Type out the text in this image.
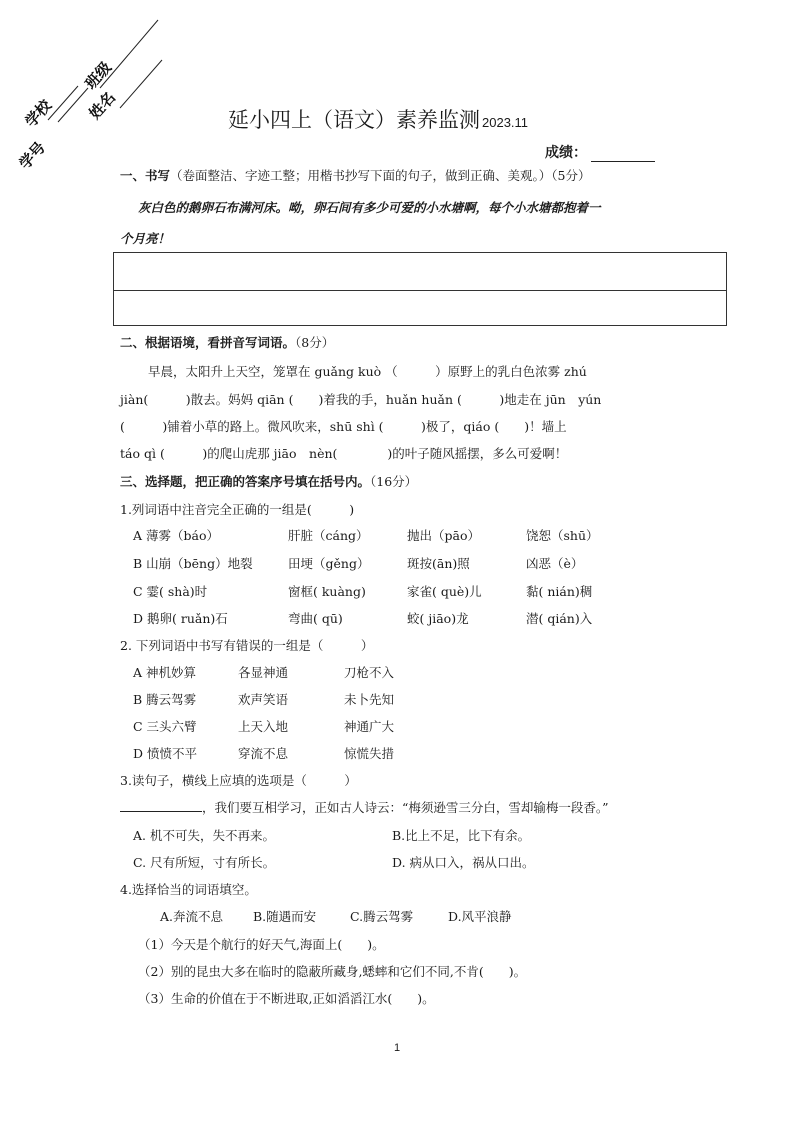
学校
班级
学号
姓名	延小四上（语文）素养监测 2023.11
成绩：
一、书写（卷面整洁、字迹工整；用楷书抄写下面的句子，做到正确、美观。）（5分）
灰白色的鹅卵石布满河床。呦，卵石间有多少可爱的小水塘啊，每个小水塘都抱着一
个月亮！
二、根据语境，看拼音写词语。（8分）
早晨，太阳升上天空，笼罩在 guǎng kuò （　　　）原野上的乳白色浓雾 zhú
jiàn(　　　)散去。妈妈 qiān (　　)着我的手，huǎn huǎn (　　　)地走在 jūn　yún
(　　　)铺着小草的路上。微风吹来，shū shì (　　　)极了，qiáo (　　)！墙上
táo qì (　　　)的爬山虎那 jiāo　nèn(　　　　)的叶子随风摇摆，多么可爱啊！
三、选择题，把正确的答案序号填在括号内。（16分）
1.列词语中注音完全正确的一组是(　　　)
A 薄雾（báo）	肝脏（cáng）	抛出（pāo）	饶恕（shū）
B 山崩（bēng）地裂	田埂（gěng）	斑按(ān)照	凶恶（è）
C 霎( shà)时	窗框( kuàng)	家雀( què)儿	黏( nián)稠
D 鹅卵( ruǎn)石	弯曲( qū)	蛟( jiāo)龙	潜( qián)入
2. 下列词语中书写有错误的一组是（　　　）
A 神机妙算	各显神通	刀枪不入
B 腾云驾雾	欢声笑语	未卜先知
C 三头六臂	上天入地	神通广大
D 愤愤不平	穿流不息	惊慌失措
3.读句子，横线上应填的选项是（　　　）
，我们要互相学习，正如古人诗云：“梅须逊雪三分白，雪却输梅一段香。”
A. 机不可失，失不再来。	B.比上不足，比下有余。
C. 尺有所短，寸有所长。	D. 病从口入，祸从口出。
4.选择恰当的词语填空。
A.奔流不息 B.随遇而安	C.腾云驾雾	D.风平浪静
（1）今天是个航行的好天气,海面上(　　)。
（2）别的昆虫大多在临时的隐蔽所藏身,蟋蟀和它们不同,不肯(　　)。
（3）生命的价值在于不断进取,正如滔滔江水(　　)。
1
